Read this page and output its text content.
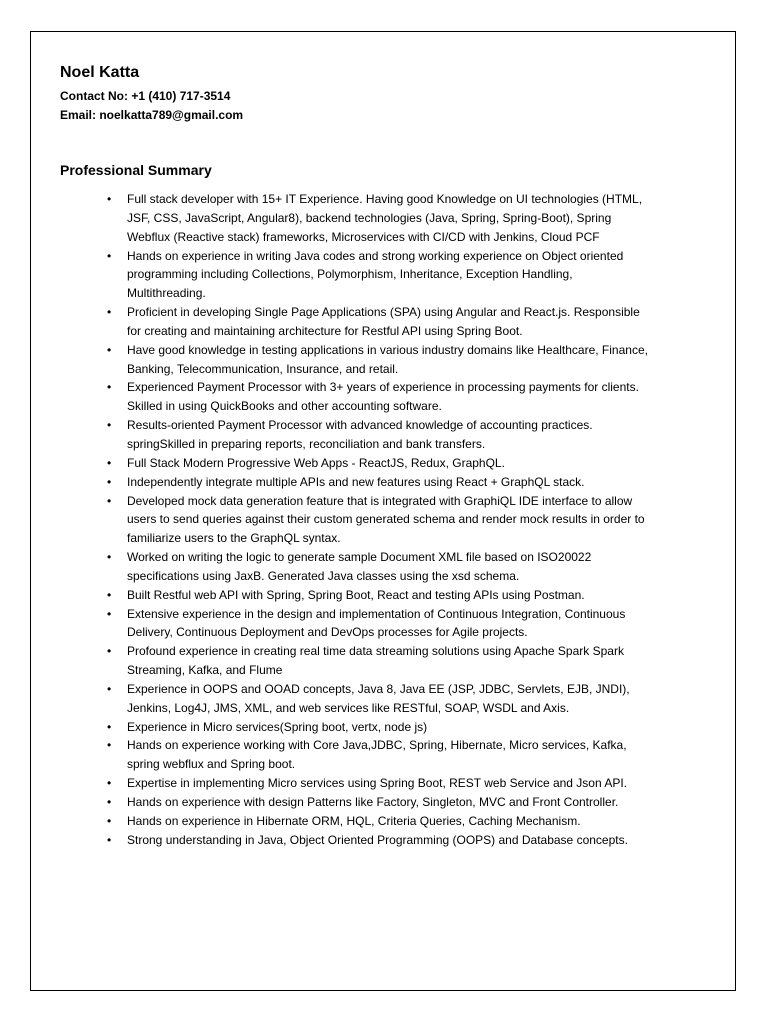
Noel Katta
Contact No: +1 (410) 717-3514
Email: noelkatta789@gmail.com
Professional Summary
•	Full stack developer with 15+ IT Experience. Having good Knowledge on UI technologies (HTML, JSF, CSS, JavaScript, Angular8), backend technologies (Java, Spring, Spring-Boot), Spring Webflux (Reactive stack) frameworks, Microservices with CI/CD with Jenkins, Cloud PCF
•	Hands on experience in writing Java codes and strong working experience on Object oriented programming including Collections, Polymorphism, Inheritance, Exception Handling, Multithreading.
•	Proficient in developing Single Page Applications (SPA) using Angular and React.js. Responsible for creating and maintaining architecture for Restful API using Spring Boot.
•	Have good knowledge in testing applications in various industry domains like Healthcare, Finance, Banking, Telecommunication, Insurance, and retail.
•	Experienced Payment Processor with 3+ years of experience in processing payments for clients. Skilled in using QuickBooks and other accounting software.
•	Results-oriented Payment Processor with advanced knowledge of accounting practices. springSkilled in preparing reports, reconciliation and bank transfers.
•	Full Stack Modern Progressive Web Apps - ReactJS, Redux, GraphQL.
•	Independently integrate multiple APIs and new features using React + GraphQL stack.
•	Developed mock data generation feature that is integrated with GraphiQL IDE interface to allow users to send queries against their custom generated schema and render mock results in order to familiarize users to the GraphQL syntax.
•	Worked on writing the logic to generate sample Document XML file based on ISO20022 specifications using JaxB. Generated Java classes using the xsd schema.
•	Built Restful web API with Spring, Spring Boot, React and testing APIs using Postman.
•	Extensive experience in the design and implementation of Continuous Integration, Continuous Delivery, Continuous Deployment and DevOps processes for Agile projects.
•	Profound experience in creating real time data streaming solutions using Apache Spark Spark Streaming, Kafka, and Flume
•	Experience in OOPS and OOAD concepts, Java 8, Java EE (JSP, JDBC, Servlets, EJB, JNDI), Jenkins, Log4J, JMS, XML, and web services like RESTful, SOAP, WSDL and Axis.
•	Experience in Micro services(Spring boot, vertx, node js)
•	Hands on experience working with Core Java,JDBC, Spring, Hibernate, Micro services, Kafka, spring webflux and Spring boot.
•	Expertise in implementing Micro services using Spring Boot, REST web Service and Json API.
•	Hands on experience with design Patterns like Factory, Singleton, MVC and Front Controller.
•	Hands on experience in Hibernate ORM, HQL, Criteria Queries, Caching Mechanism.
•	Strong understanding in Java, Object Oriented Programming (OOPS) and Database concepts.
